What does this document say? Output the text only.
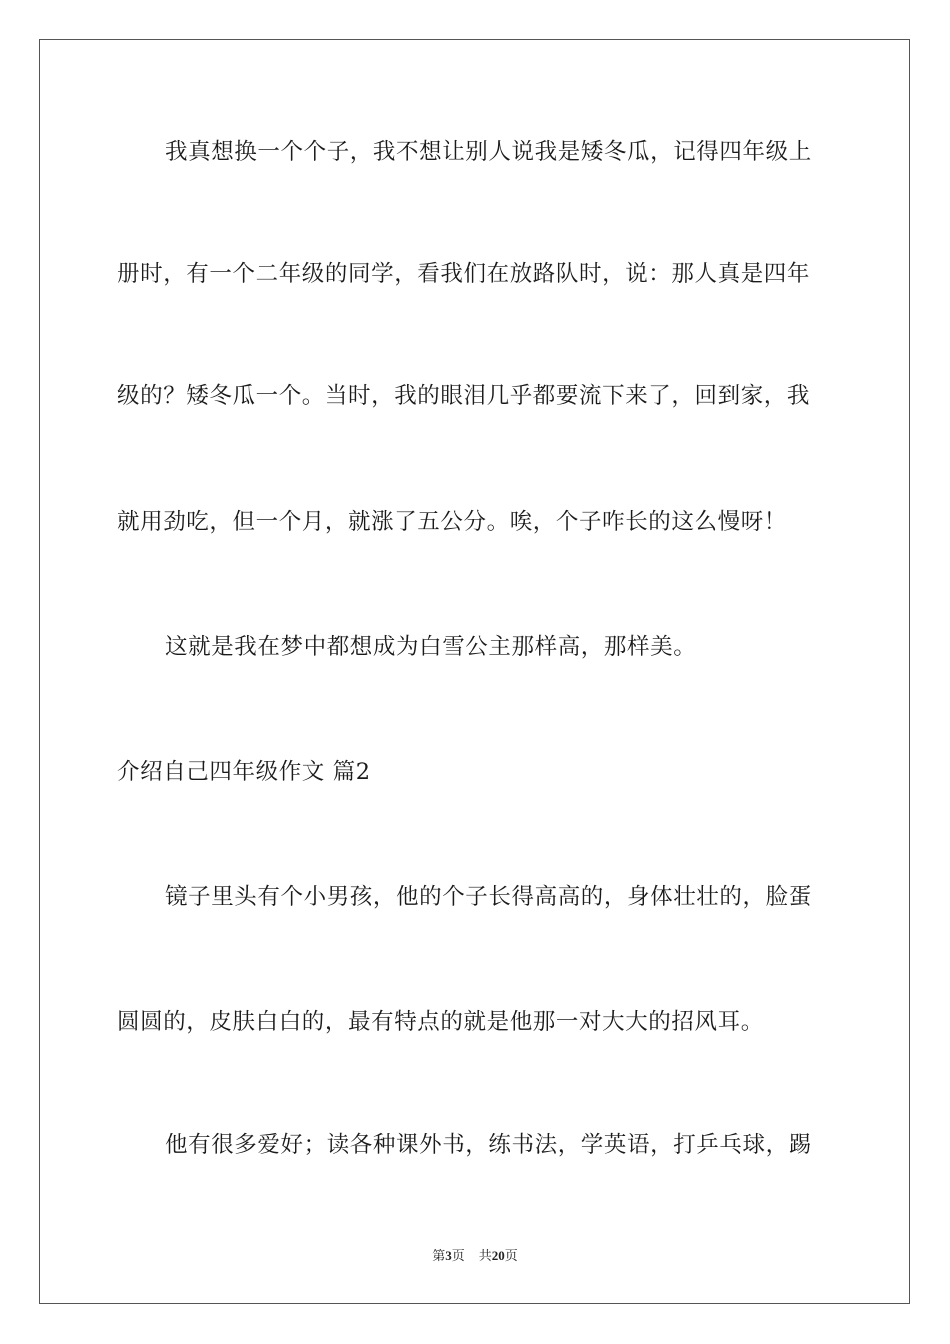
我真想换一个个子，我不想让别人说我是矮冬瓜，记得四年级上
册时，有一个二年级的同学，看我们在放路队时，说：那人真是四年
级的？矮冬瓜一个。当时，我的眼泪几乎都要流下来了，回到家，我
就用劲吃，但一个月，就涨了五公分。唉，个子咋长的这么慢呀！
这就是我在梦中都想成为白雪公主那样高，那样美。
介绍自己四年级作文 篇2
镜子里头有个小男孩，他的个子长得高高的，身体壮壮的，脸蛋
圆圆的，皮肤白白的，最有特点的就是他那一对大大的招风耳。
他有很多爱好；读各种课外书，练书法，学英语，打乒乓球，踢
第3页 共20页
